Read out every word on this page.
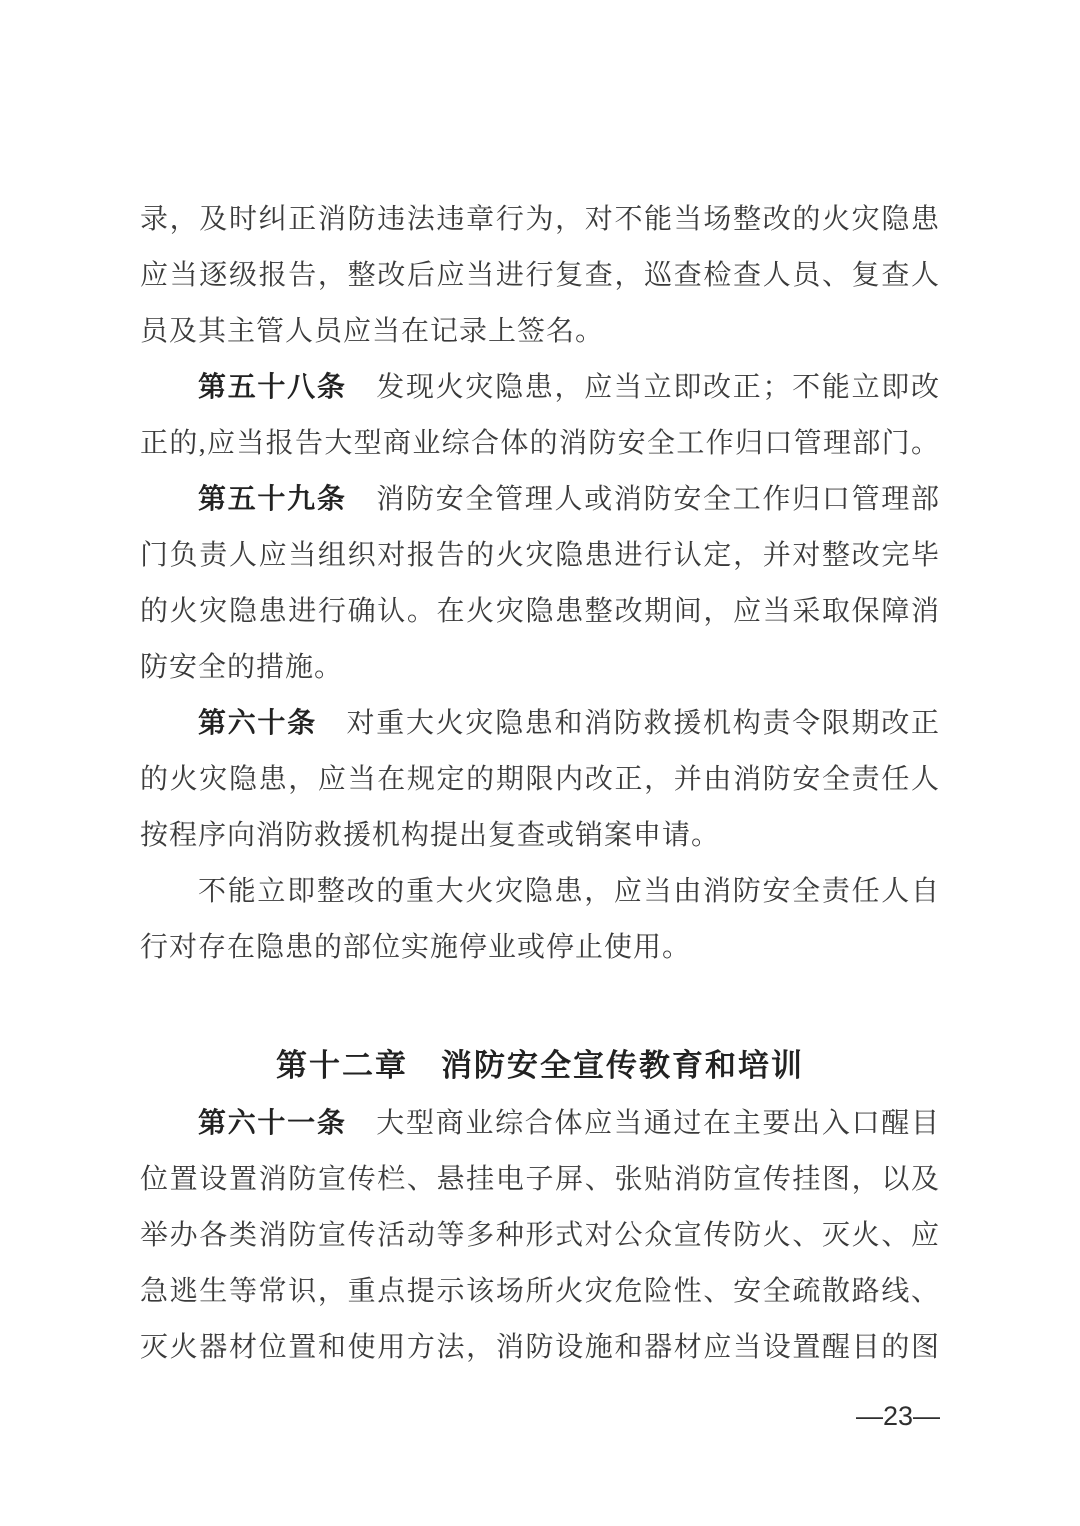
录，及时纠正消防违法违章行为，对不能当场整改的火灾隐患
应当逐级报告，整改后应当进行复查，巡查检查人员、复查人
员及其主管人员应当在记录上签名。
第五十八条　发现火灾隐患，应当立即改正；不能立即改
正的,应当报告大型商业综合体的消防安全工作归口管理部门。
第五十九条　消防安全管理人或消防安全工作归口管理部
门负责人应当组织对报告的火灾隐患进行认定，并对整改完毕
的火灾隐患进行确认。在火灾隐患整改期间，应当采取保障消
防安全的措施。
第六十条　对重大火灾隐患和消防救援机构责令限期改正
的火灾隐患，应当在规定的期限内改正，并由消防安全责任人
按程序向消防救援机构提出复查或销案申请。
不能立即整改的重大火灾隐患，应当由消防安全责任人自
行对存在隐患的部位实施停业或停止使用。
第十二章　消防安全宣传教育和培训
第六十一条　大型商业综合体应当通过在主要出入口醒目
位置设置消防宣传栏、悬挂电子屏、张贴消防宣传挂图，以及
举办各类消防宣传活动等多种形式对公众宣传防火、灭火、应
急逃生等常识，重点提示该场所火灾危险性、安全疏散路线、
灭火器材位置和使用方法，消防设施和器材应当设置醒目的图
—23—
